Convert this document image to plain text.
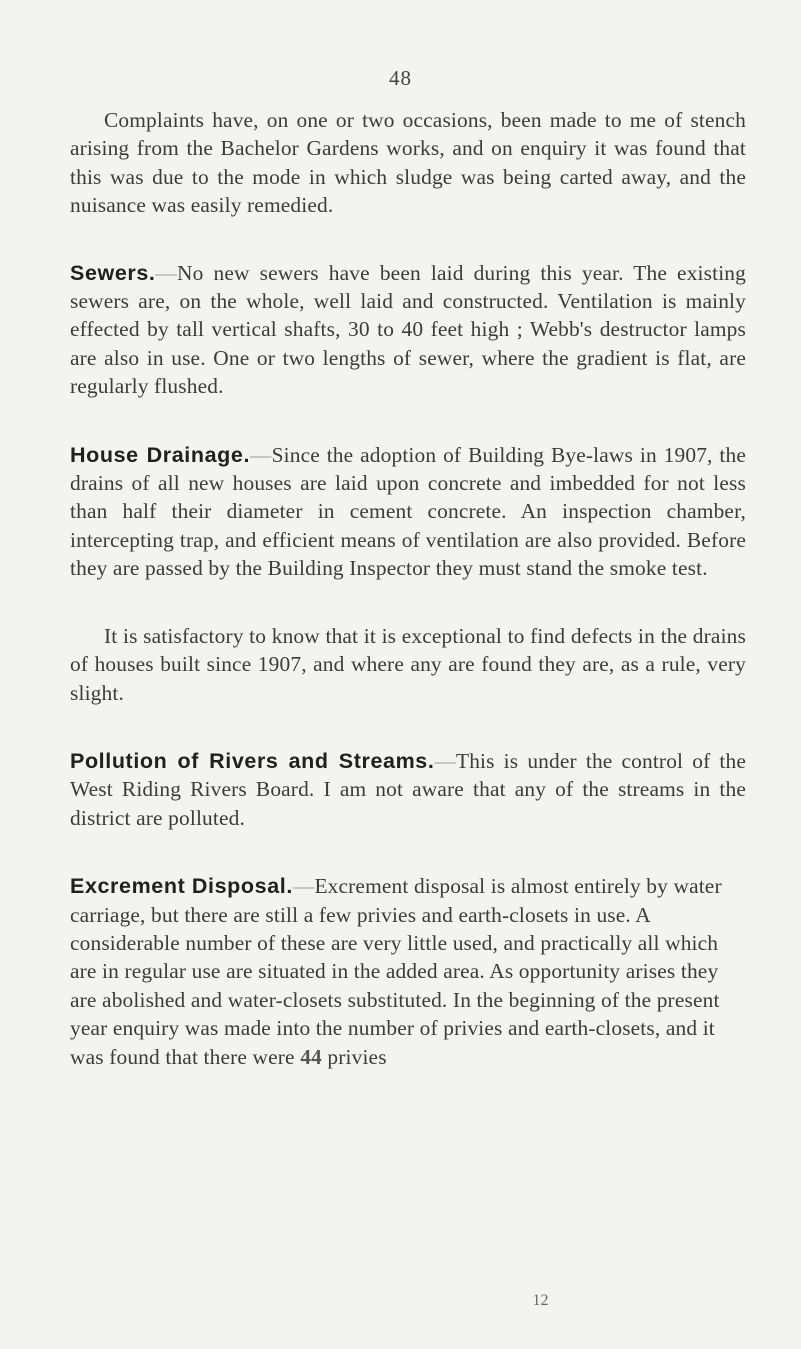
48

Complaints have, on one or two occasions, been made to me of stench arising from the Bachelor Gardens works, and on enquiry it was found that this was due to the mode in which sludge was being carted away, and the nuisance was easily remedied.

Sewers.—No new sewers have been laid during this year. The existing sewers are, on the whole, well laid and constructed. Ventilation is mainly effected by tall vertical shafts, 30 to 40 feet high ; Webb's destructor lamps are also in use. One or two lengths of sewer, where the gradient is flat, are regularly flushed.

House Drainage.—Since the adoption of Building Bye-laws in 1907, the drains of all new houses are laid upon concrete and imbedded for not less than half their diameter in cement concrete. An inspection chamber, intercepting trap, and efficient means of ventilation are also provided. Before they are passed by the Building Inspector they must stand the smoke test.

It is satisfactory to know that it is exceptional to find defects in the drains of houses built since 1907, and where any are found they are, as a rule, very slight.

Pollution of Rivers and Streams.—This is under the control of the West Riding Rivers Board. I am not aware that any of the streams in the district are polluted.

Excrement Disposal.—Excrement disposal is almost entirely by water carriage, but there are still a few privies and earth-closets in use. A considerable number of these are very little used, and practically all which are in regular use are situated in the added area. As opportunity arises they are abolished and water-closets substituted. In the beginning of the present year enquiry was made into the number of privies and earth-closets, and it was found that there were 44 privies

12
